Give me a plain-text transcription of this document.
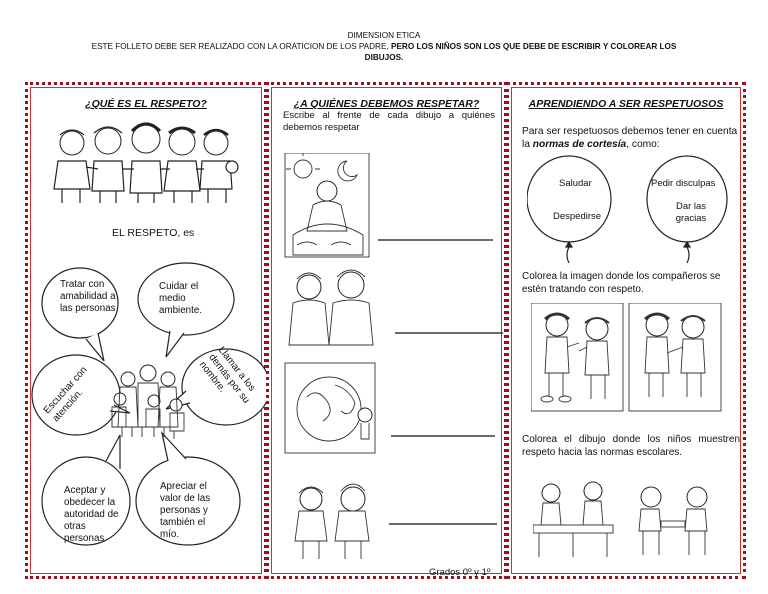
DIMENSION ETICA
ESTE FOLLETO DEBE SER REALIZADO CON LA ORATICION DE LOS PADRE, PERO LOS NIÑOS SON LOS QUE DEBE DE ESCRIBIR Y COLOREAR LOS
DIBUJOS.
¿QUÉ ES EL RESPETO?
EL RESPETO, es
Tratar con amabilidad a las personas
Cuidar el medio ambiente.
Llamar a los demás por su nombre.
Escuchar con atención.
Aceptar y obedecer la autoridad de otras personas.
Apreciar el valor de las personas y también el mío.
¿A QUIÉNES DEBEMOS RESPETAR?
Escribe al frente de cada dibujo a quiénes debemos respetar
Grados 0º y 1º
APRENDIENDO A SER RESPETUOSOS
Para ser respetuosos debemos tener en cuenta la normas de cortesía, como:
Saludar
Despedirse
Pedir disculpas
Dar las gracias
Colorea la imagen donde los compañeros se estén tratando con respeto.
Colorea el dibujo donde los niños muestren respeto hacia las normas escolares.
